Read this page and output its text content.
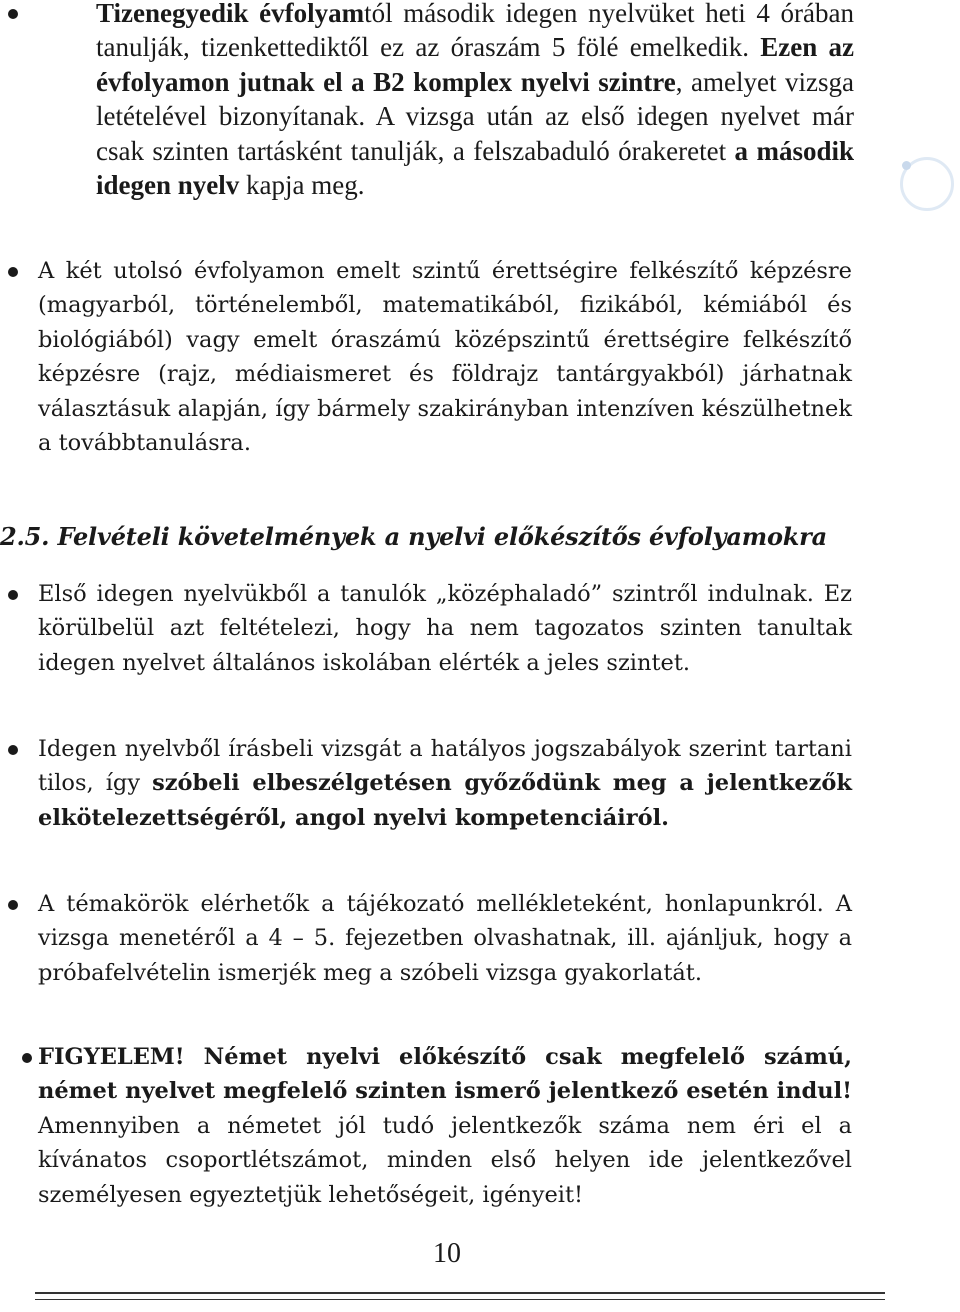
Tizenegyedik évfolyamtól második idegen nyelvüket heti 4 órában tanulják, tizenkettediktől ez az óraszám 5 fölé emelkedik. Ezen az évfolyamon jutnak el a B2 komplex nyelvi szintre, amelyet vizsga letételével bizonyítanak. A vizsga után az első idegen nyelvet már csak szinten tartásként tanulják, a felszabaduló órakeretet a második idegen nyelv kapja meg.
A két utolsó évfolyamon emelt szintű érettségire felkészítő képzésre (magyarból, történelemből, matematikából, fizikából, kémiából és biológiából) vagy emelt óraszámú középszintű érettségire felkészítő képzésre (rajz, médiaismeret és földrajz tantárgyakból) járhatnak választásuk alapján, így bármely szakirányban intenzíven készülhetnek a továbbtanulásra.
2.5. Felvételi követelmények a nyelvi előkészítős évfolyamokra
Első idegen nyelvükből a tanulók „középhaladó” szintről indulnak. Ez körülbelül azt feltételezi, hogy ha nem tagozatos szinten tanultak idegen nyelvet általános iskolában elérték a jeles szintet.
Idegen nyelvből írásbeli vizsgát a hatályos jogszabályok szerint tartani tilos, így szóbeli elbeszélgetésen győződünk meg a jelentkezők elkötelezettségéről, angol nyelvi kompetenciáiról.
A témakörök elérhetők a tájékozató mellékleteként, honlapunkról. A vizsga menetéről a 4 – 5. fejezetben olvashatnak, ill. ajánljuk, hogy a próbafelvételin ismerjék meg a szóbeli vizsga gyakorlatát.
FIGYELEM! Német nyelvi előkészítő csak megfelelő számú, német nyelvet megfelelő szinten ismerő jelentkező esetén indul! Amennyiben a németet jól tudó jelentkezők száma nem éri el a kívánatos csoportlétszámot, minden első helyen ide jelentkezővel személyesen egyeztetjük lehetőségeit, igényeit!
10
